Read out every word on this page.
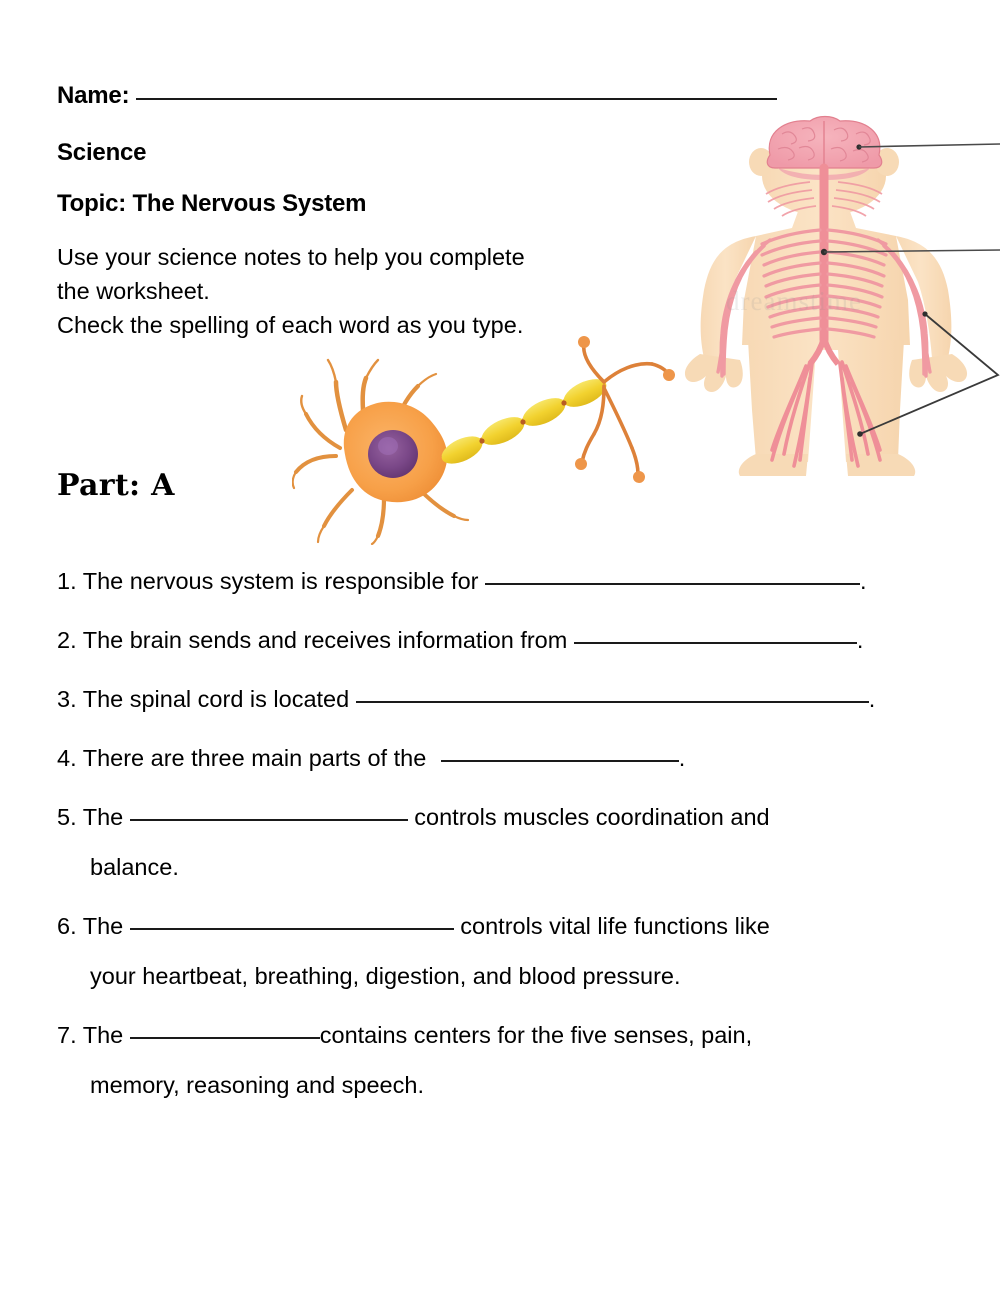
Name:
Science
Topic: The Nervous System
Use your science notes to help you complete
the worksheet.
Check the spelling of each word as you type.
dreamstime
1. The nervous system is responsible for	.
2. The brain sends and receives information from	.
3. The spinal cord is located	.
4. There are three main parts of the	.
5. The	controls muscles coordination and
balance.
6. The	controls vital life functions like
your heartbeat, breathing, digestion, and blood pressure.
7. The	contains centers for the five senses, pain,
memory, reasoning and speech.
Part: A
